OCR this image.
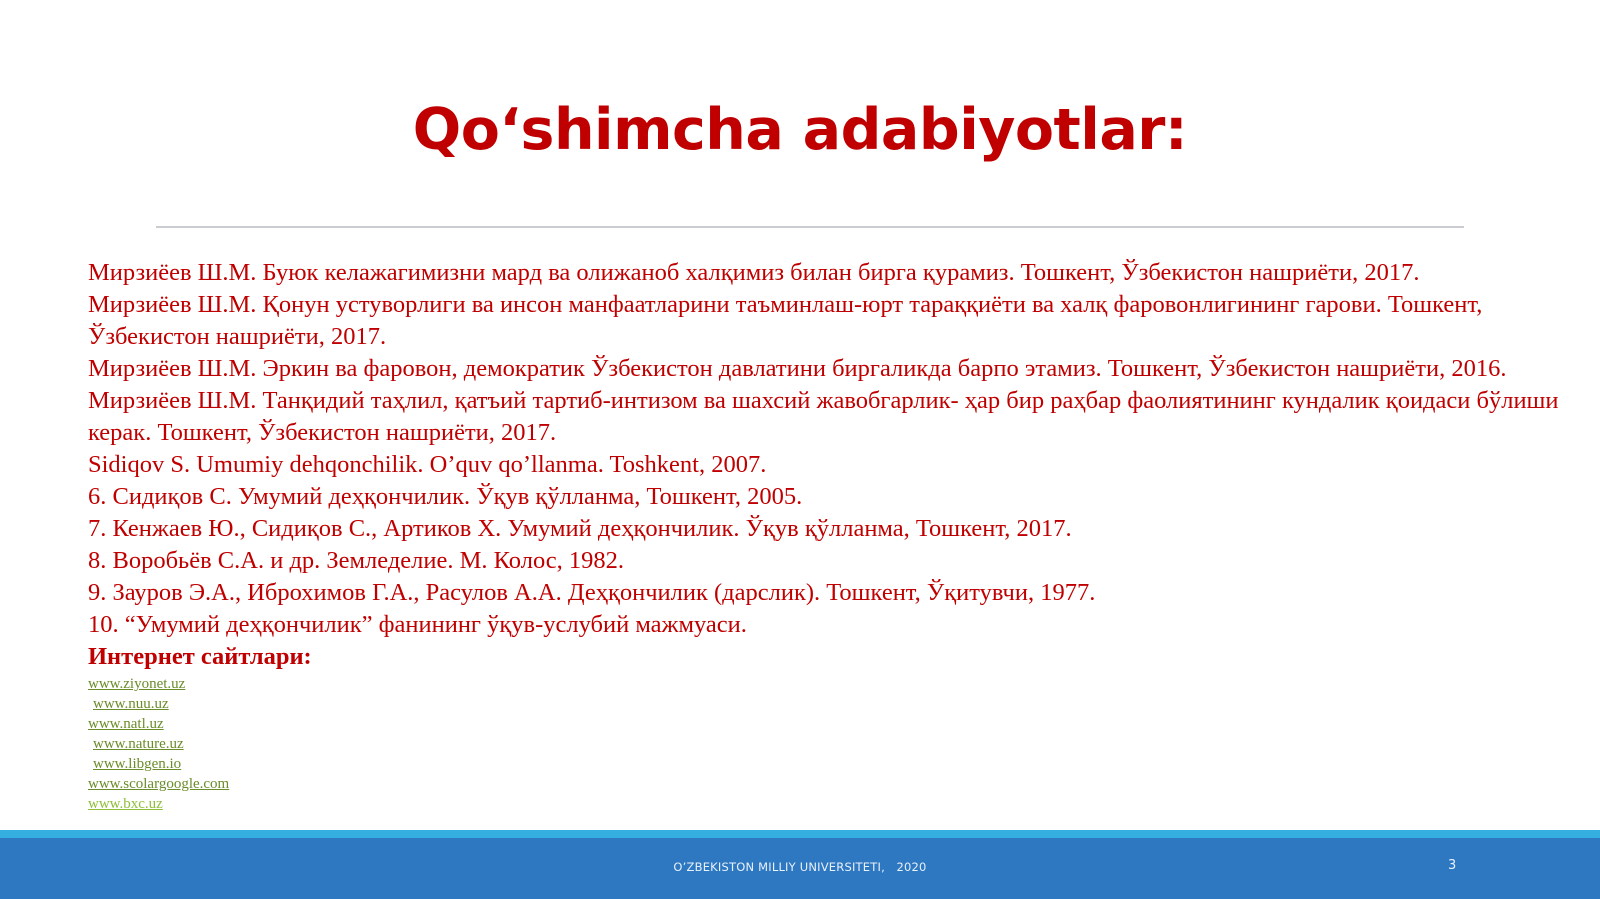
Qo‘shimcha adabiyotlar:

Мирзиёев Ш.М. Буюк келажагимизни мард ва олижаноб халқимиз билан бирга қурамиз. Тошкент, Ўзбекистон нашриёти, 2017.

Мирзиёев Ш.М. Қонун устуворлиги ва инсон манфаатларини таъминлаш-юрт тараққиёти ва халқ фаровонлигининг гарови. Тошкент, Ўзбекистон нашриёти, 2017.

Мирзиёев Ш.М. Эркин ва фаровон, демократик Ўзбекистон давлатини биргаликда барпо этамиз. Тошкент, Ўзбекистон нашриёти, 2016.

Мирзиёев Ш.М. Танқидий таҳлил, қатъий тартиб-интизом ва шахсий жавобгарлик- ҳар бир раҳбар фаолиятининг кундалик қоидаси бўлиши керак. Тошкент, Ўзбекистон нашриёти, 2017.

Sidiqov S. Umumiy dehqonchilik. O’quv qo’llanma. Toshkent, 2007.

6. Сидиқов С. Умумий деҳқончилик. Ўқув қўлланма, Тошкент, 2005.

7. Кенжаев Ю., Сидиқов С., Артиков Х. Умумий деҳқончилик. Ўқув қўлланма, Тошкент, 2017.

8. Воробьёв С.А. и др. Земледелие. М. Колос, 1982.

9. Зауров Э.А., Иброхимов Г.А., Расулов А.А. Деҳқончилик (дарслик). Тошкент, Ўқитувчи, 1977.

10. “Умумий деҳқончилик” фанининг ўқув-услубий мажмуаси.

Интернет сайтлари:

www.ziyonet.uz
www.nuu.uz
www.natl.uz
www.nature.uz
www.libgen.io
www.scolargoogle.com
www.bxc.uz
O’ZBEKISTON MILLIY UNIVERSITETI,   2020	3
